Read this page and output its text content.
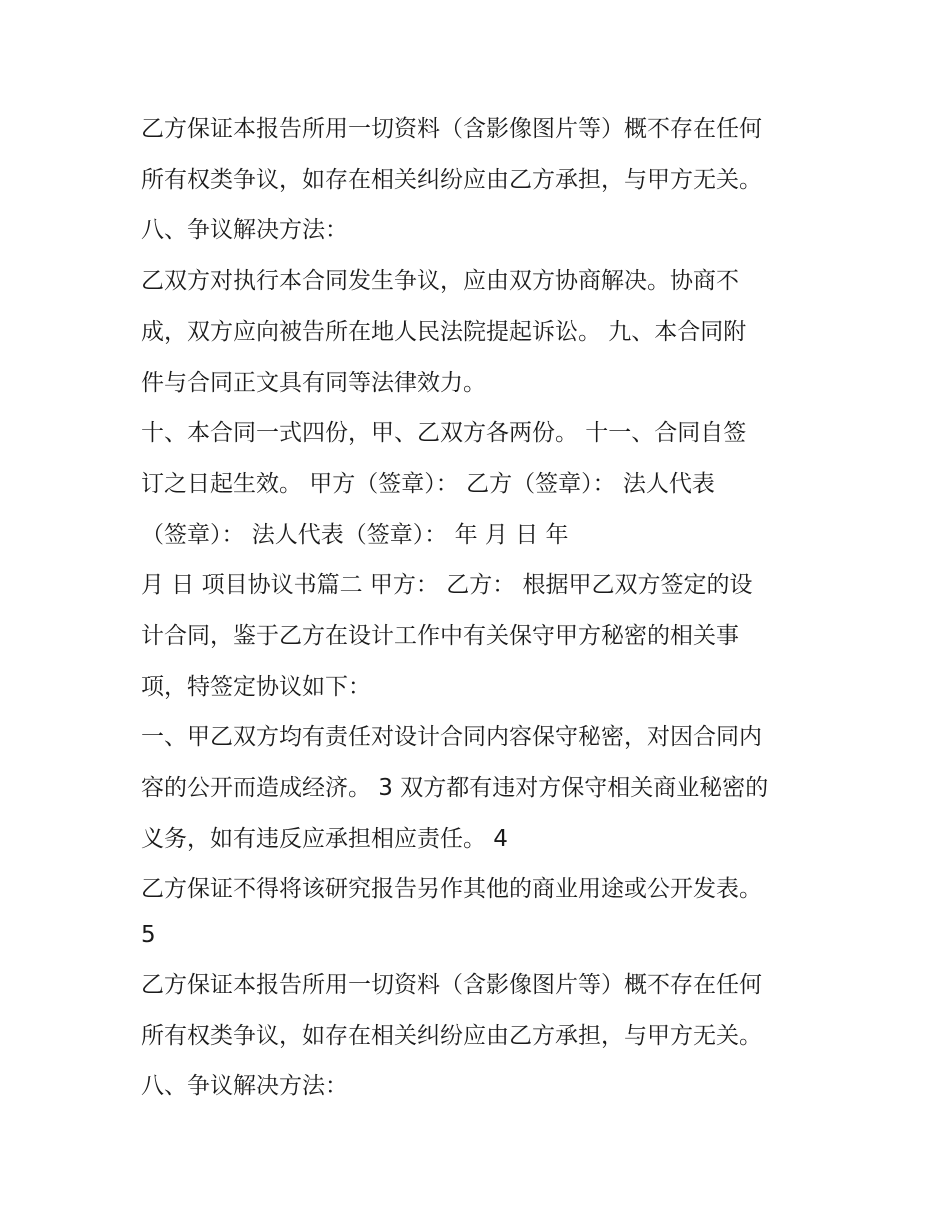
乙方保证本报告所用一切资料（含影像图片等）概不存在任何
所有权类争议，如存在相关纠纷应由乙方承担，与甲方无关。
八、争议解决方法：
乙双方对执行本合同发生争议，应由双方协商解决。协商不
成，双方应向被告所在地人民法院提起诉讼。 九、本合同附
件与合同正文具有同等法律效力。
十、本合同一式四份，甲、乙双方各两份。 十一、合同自签
订之日起生效。 甲方（签章）： 乙方（签章）： 法人代表
（签章）： 法人代表（签章）： 年 月 日 年
月 日 项目协议书篇二 甲方： 乙方： 根据甲乙双方签定的设
计合同，鉴于乙方在设计工作中有关保守甲方秘密的相关事
项，特签定协议如下：
一、甲乙双方均有责任对设计合同内容保守秘密，对因合同内
容的公开而造成经济。 3 双方都有违对方保守相关商业秘密的
义务，如有违反应承担相应责任。 4
乙方保证不得将该研究报告另作其他的商业用途或公开发表。
5
乙方保证本报告所用一切资料（含影像图片等）概不存在任何
所有权类争议，如存在相关纠纷应由乙方承担，与甲方无关。
八、争议解决方法：
